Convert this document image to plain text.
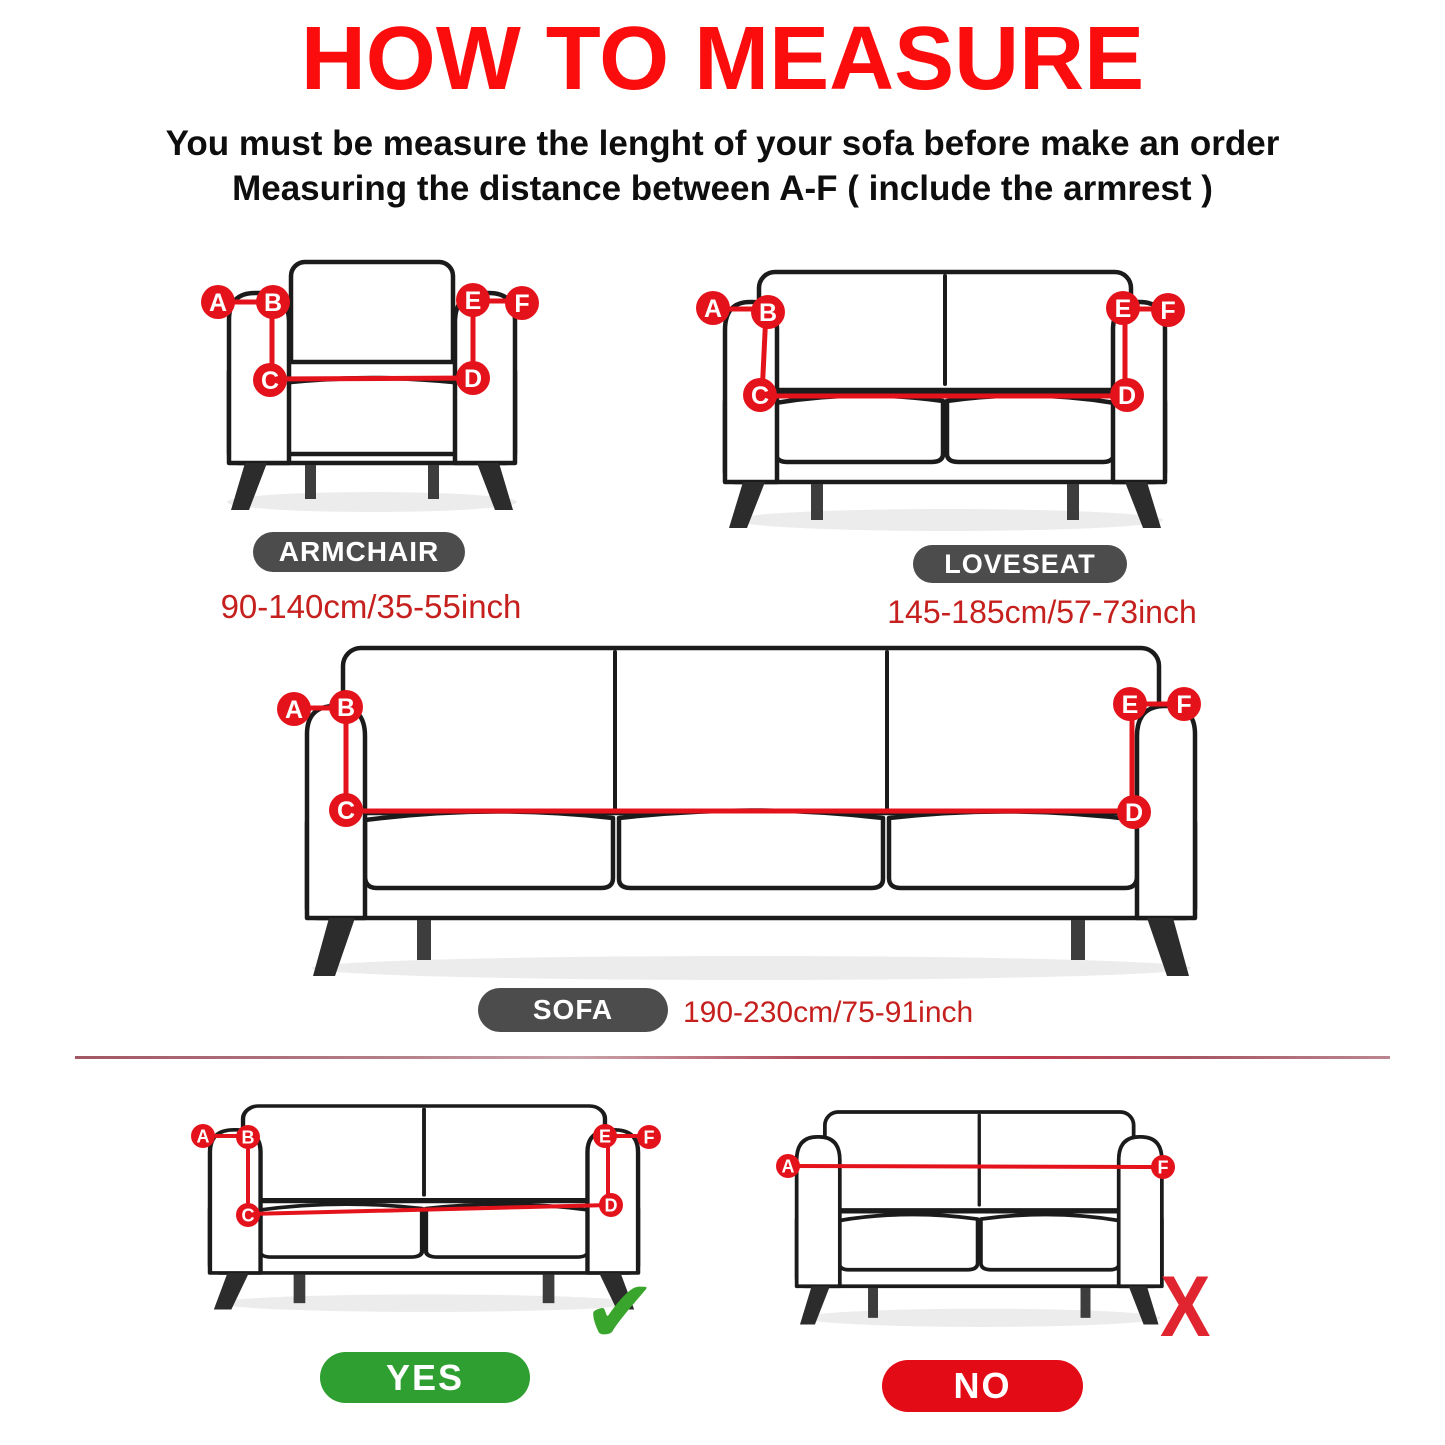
HOW TO MEASURE
You must be measure the lenght of your sofa before make an order
Measuring the distance between A-F ( include the armrest )
A B
C	D
E F
ARMCHAIR
90-140cm/35-55inch
A B
C	D
E F
LOVESEAT
145-185cm/57-73inch
A B
C	D
E F
SOFA 190-230cm/75-91inch
A B
C	D
E F
✔
YES
A	F
X
NO
